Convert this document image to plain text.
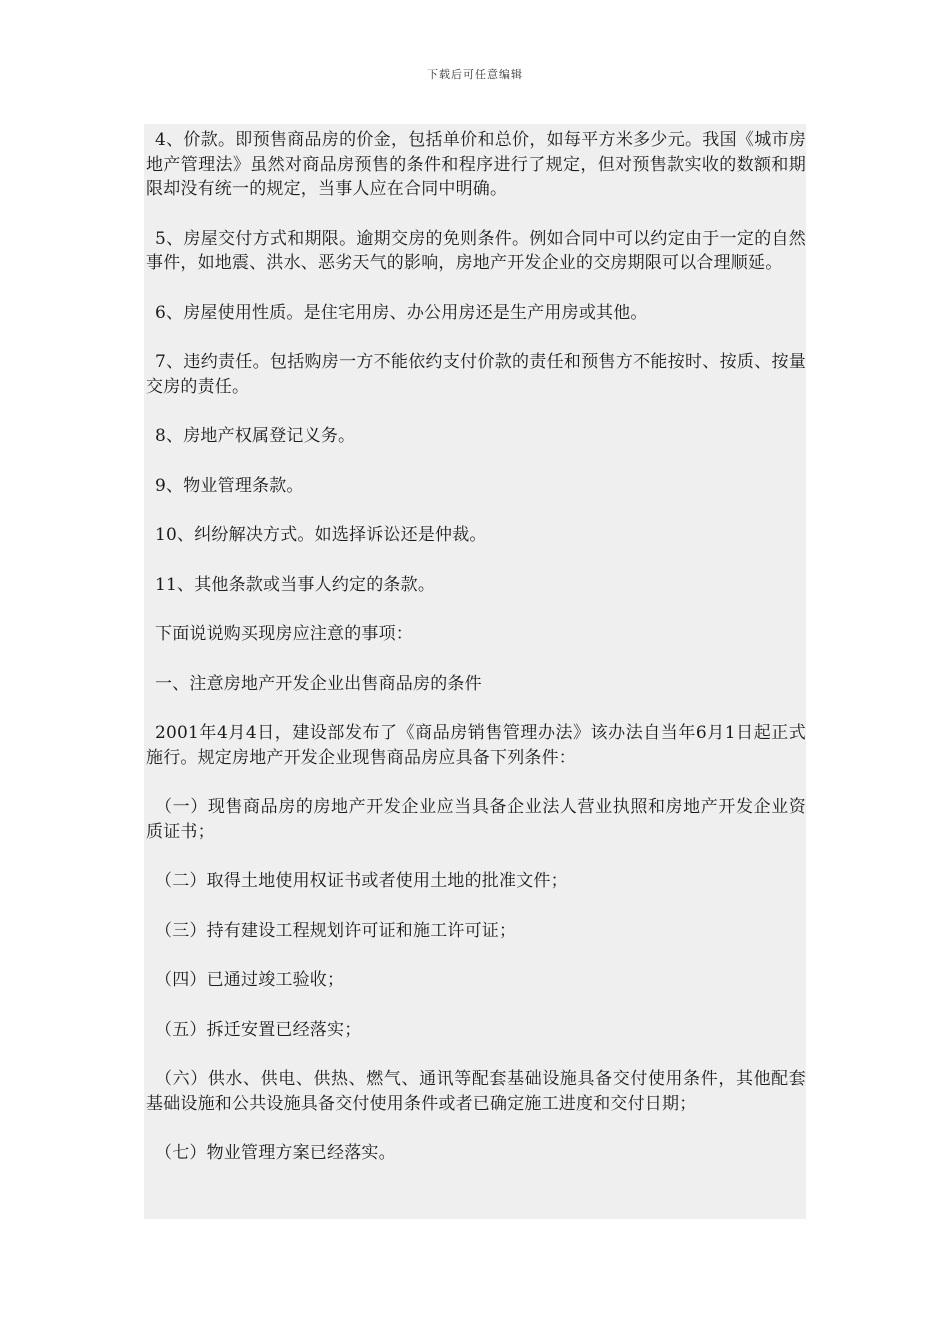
下载后可任意编辑

4、价款。即预售商品房的价金，包括单价和总价，如每平方米多少元。我国《城市房地产管理法》虽然对商品房预售的条件和程序进行了规定，但对预售款实收的数额和期限却没有统一的规定，当事人应在合同中明确。

5、房屋交付方式和期限。逾期交房的免则条件。例如合同中可以约定由于一定的自然事件，如地震、洪水、恶劣天气的影响，房地产开发企业的交房期限可以合理顺延。

6、房屋使用性质。是住宅用房、办公用房还是生产用房或其他。

7、违约责任。包括购房一方不能依约支付价款的责任和预售方不能按时、按质、按量交房的责任。

8、房地产权属登记义务。

9、物业管理条款。

10、纠纷解决方式。如选择诉讼还是仲裁。

11、其他条款或当事人约定的条款。

下面说说购买现房应注意的事项：

一、注意房地产开发企业出售商品房的条件

2001年4月4日，建设部发布了《商品房销售管理办法》该办法自当年6月1日起正式施行。规定房地产开发企业现售商品房应具备下列条件：

（一）现售商品房的房地产开发企业应当具备企业法人营业执照和房地产开发企业资质证书；

（二）取得土地使用权证书或者使用土地的批准文件；

（三）持有建设工程规划许可证和施工许可证；

（四）已通过竣工验收；

（五）拆迁安置已经落实；

（六）供水、供电、供热、燃气、通讯等配套基础设施具备交付使用条件，其他配套基础设施和公共设施具备交付使用条件或者已确定施工进度和交付日期；

（七）物业管理方案已经落实。
